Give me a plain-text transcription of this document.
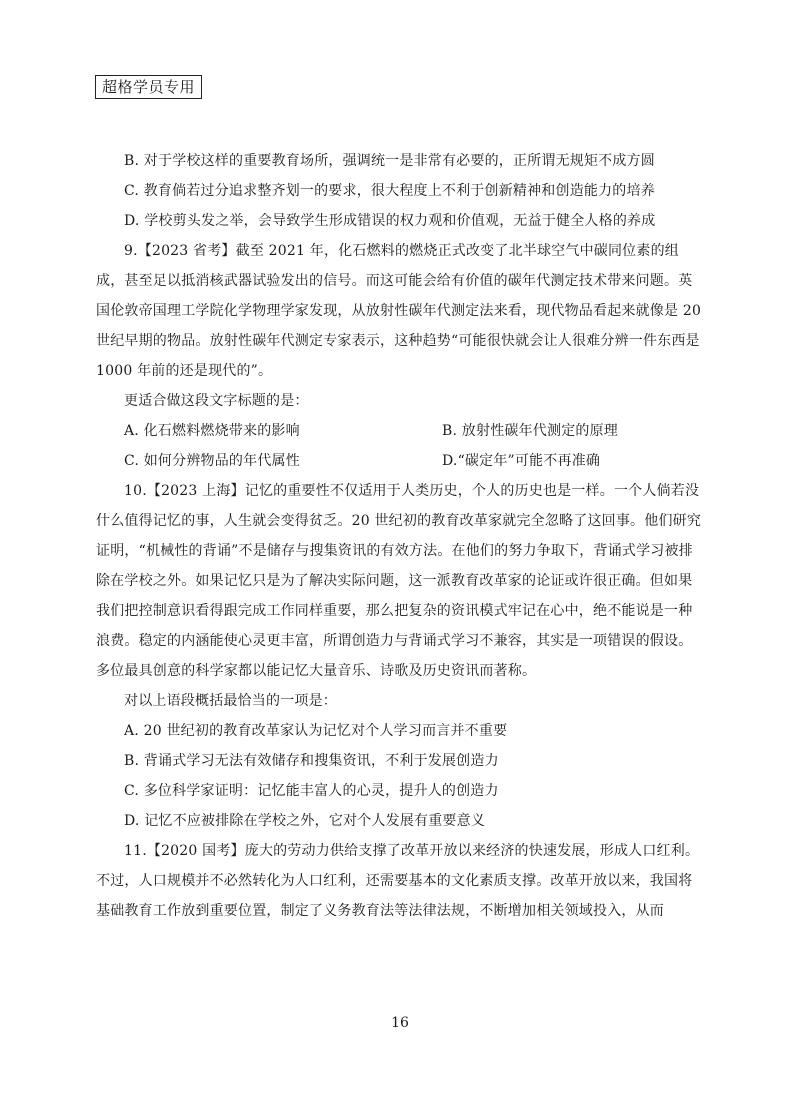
超格学员专用

B. 对于学校这样的重要教育场所，强调统一是非常有必要的，正所谓无规矩不成方圆

C. 教育倘若过分追求整齐划一的要求，很大程度上不利于创新精神和创造能力的培养

D. 学校剪头发之举，会导致学生形成错误的权力观和价值观，无益于健全人格的养成

9.【2023 省考】截至 2021 年，化石燃料的燃烧正式改变了北半球空气中碳同位素的组成，甚至足以抵消核武器试验发出的信号。而这可能会给有价值的碳年代测定技术带来问题。英国伦敦帝国理工学院化学物理学家发现，从放射性碳年代测定法来看，现代物品看起来就像是 20 世纪早期的物品。放射性碳年代测定专家表示，这种趋势“可能很快就会让人很难分辨一件东西是 1000 年前的还是现代的”。

更适合做这段文字标题的是：

A. 化石燃料燃烧带来的影响	B. 放射性碳年代测定的原理
C. 如何分辨物品的年代属性	D.“碳定年”可能不再准确

10.【2023 上海】记忆的重要性不仅适用于人类历史，个人的历史也是一样。一个人倘若没什么值得记忆的事，人生就会变得贫乏。20 世纪初的教育改革家就完全忽略了这回事。他们研究证明，“机械性的背诵”不是储存与搜集资讯的有效方法。在他们的努力争取下，背诵式学习被排除在学校之外。如果记忆只是为了解决实际问题，这一派教育改革家的论证或许很正确。但如果我们把控制意识看得跟完成工作同样重要，那么把复杂的资讯模式牢记在心中，绝不能说是一种浪费。稳定的内涵能使心灵更丰富，所谓创造力与背诵式学习不兼容，其实是一项错误的假设。多位最具创意的科学家都以能记忆大量音乐、诗歌及历史资讯而著称。

对以上语段概括最恰当的一项是：

A. 20 世纪初的教育改革家认为记忆对个人学习而言并不重要

B. 背诵式学习无法有效储存和搜集资讯，不利于发展创造力

C. 多位科学家证明：记忆能丰富人的心灵，提升人的创造力

D. 记忆不应被排除在学校之外，它对个人发展有重要意义

11.【2020 国考】庞大的劳动力供给支撑了改革开放以来经济的快速发展，形成人口红利。不过，人口规模并不必然转化为人口红利，还需要基本的文化素质支撑。改革开放以来，我国将基础教育工作放到重要位置，制定了义务教育法等法律法规，不断增加相关领域投入，从而

16
